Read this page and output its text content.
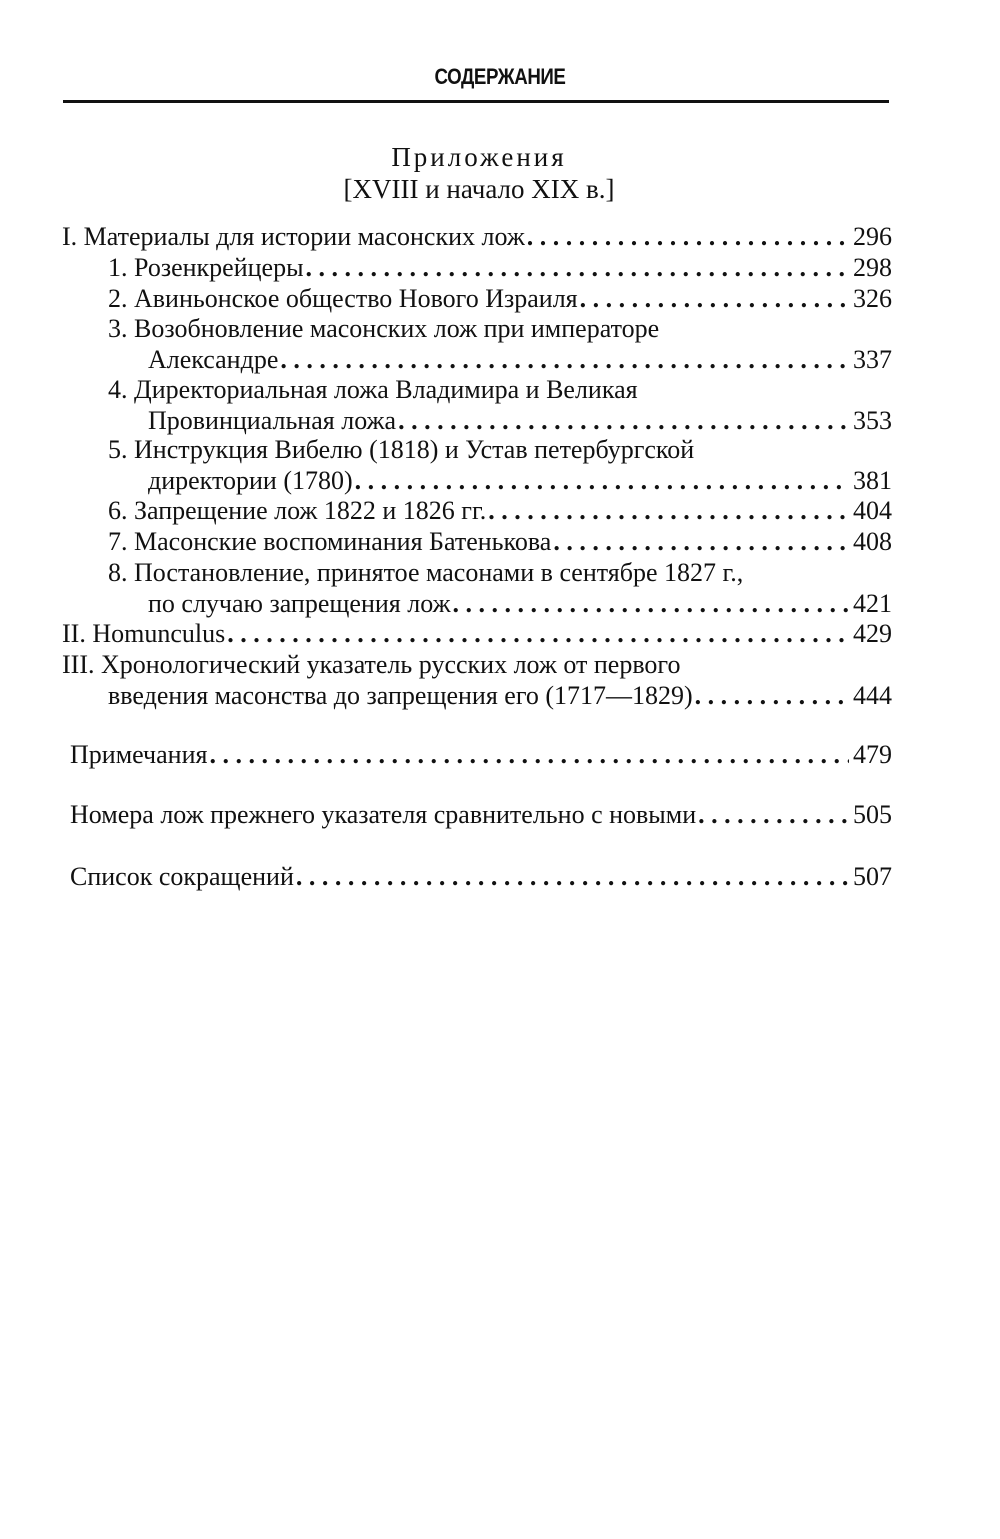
СОДЕРЖАНИЕ
Приложения
[XVIII и начало XIX в.]
I. Материалы для истории масонских лож . . .	296
1. Розенкрейцеры . . .	298
2. Авиньонское общество Нового Израиля . . .	326
3. Возобновление масонских лож при императоре
Александре . . .	337
4. Директориальная ложа Владимира и Великая
Провинциальная ложа . . .	353
5. Инструкция Вибелю (1818) и Устав петербургской
директории (1780) . . .	381
6. Запрещение лож 1822 и 1826 гг. . . .	404
7. Масонские воспоминания Батенькова . . .	408
8. Постановление, принятое масонами в сентябре 1827 г.,
по случаю запрещения лож . . .	421
II. Homunculus . . .	429
III. Хронологический указатель русских лож от первого
введения масонства до запрещения его (1717—1829) . . .	444
Примечания . . .	479
Номера лож прежнего указателя сравнительно с новыми . . .	505
Список сокращений . . .	507
